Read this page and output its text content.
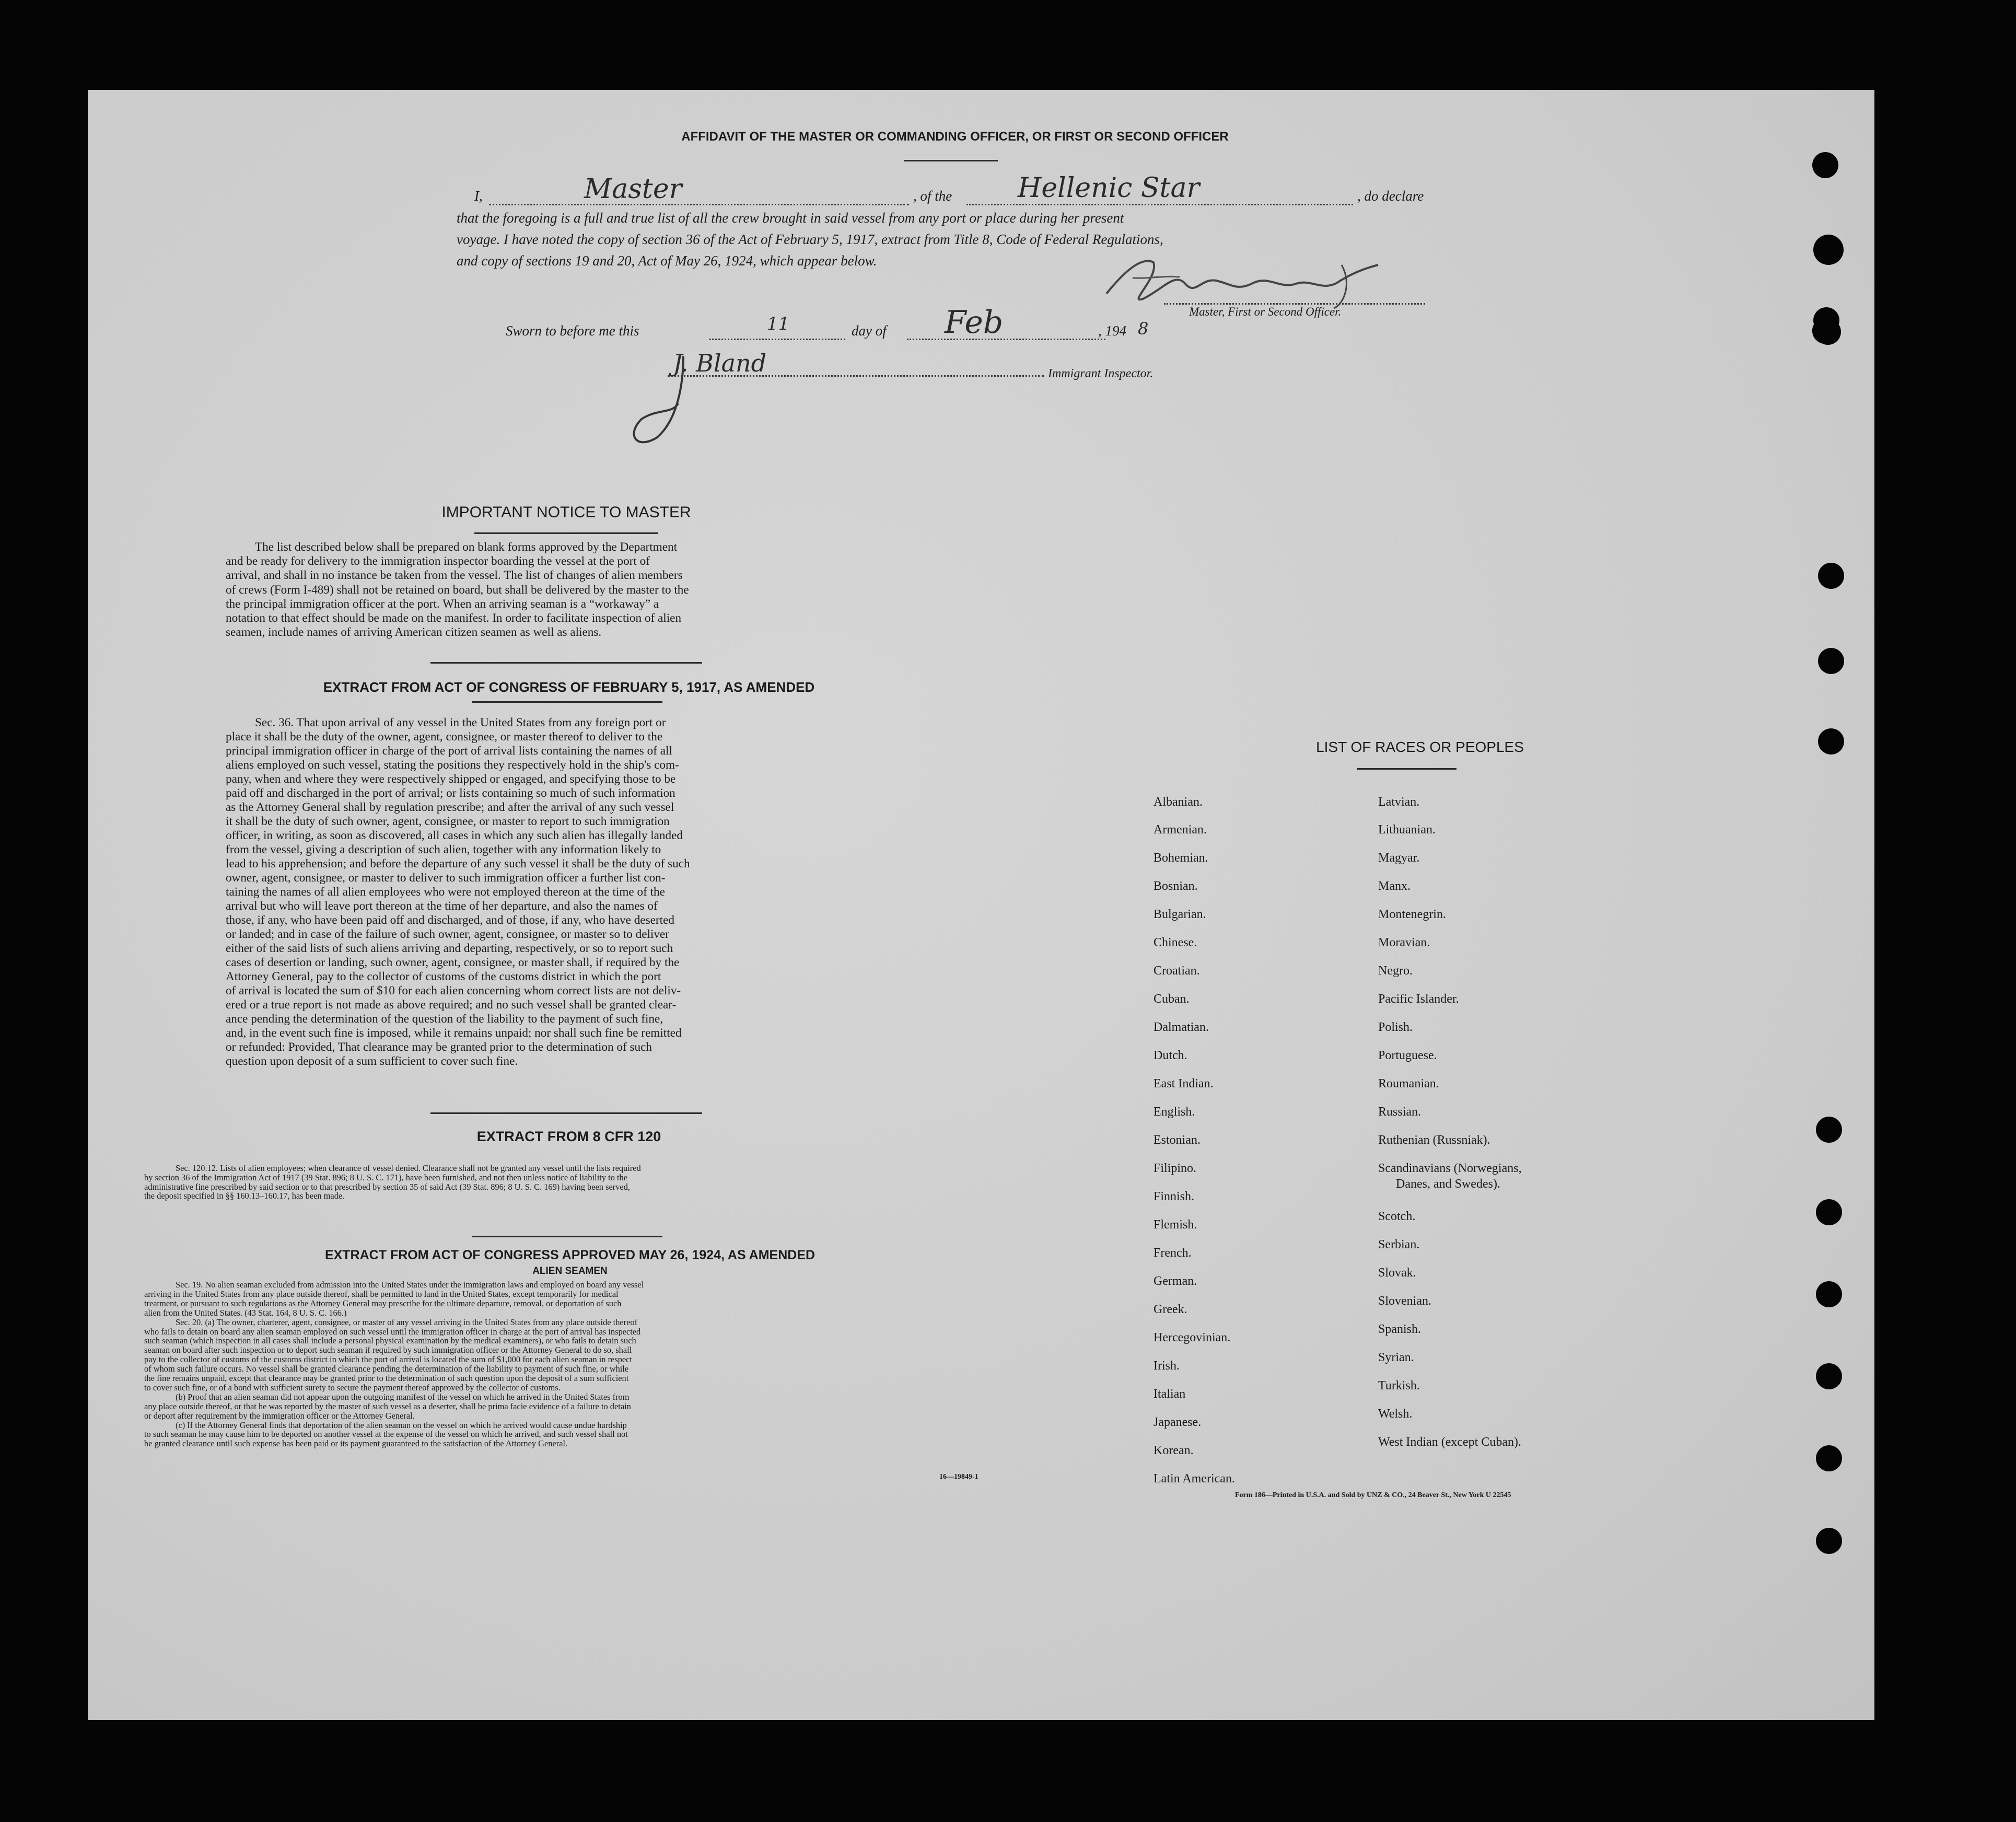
AFFIDAVIT OF THE MASTER OR COMMANDING OFFICER, OR FIRST OR SECOND OFFICER
I,	Master	, of the Hellenic Star	, do declare
that the foregoing is a full and true list of all the crew brought in said vessel from any port or place during her present
voyage. I have noted the copy of section 36 of the Act of February 5, 1917, extract from Title 8, Code of Federal Regulations,
and copy of sections 19 and 20, Act of May 26, 1924, which appear below.
Master, First or Second Officer.
Sworn to before me this	11	day of Feb	, 194 8
J. Bland	Immigrant Inspector.
IMPORTANT NOTICE TO MASTER
The list described below shall be prepared on blank forms approved by the Department
and be ready for delivery to the immigration inspector boarding the vessel at the port of
arrival, and shall in no instance be taken from the vessel. The list of changes of alien members
of crews (Form I-489) shall not be retained on board, but shall be delivered by the master to the
the principal immigration officer at the port. When an arriving seaman is a “workaway” a
notation to that effect should be made on the manifest. In order to facilitate inspection of alien
seamen, include names of arriving American citizen seamen as well as aliens.
EXTRACT FROM ACT OF CONGRESS OF FEBRUARY 5, 1917, AS AMENDED
Sec. 36. That upon arrival of any vessel in the United States from any foreign port or
place it shall be the duty of the owner, agent, consignee, or master thereof to deliver to the
principal immigration officer in charge of the port of arrival lists containing the names of all
aliens employed on such vessel, stating the positions they respectively hold in the ship's com-
pany, when and where they were respectively shipped or engaged, and specifying those to be
paid off and discharged in the port of arrival; or lists containing so much of such information
as the Attorney General shall by regulation prescribe; and after the arrival of any such vessel
it shall be the duty of such owner, agent, consignee, or master to report to such immigration
officer, in writing, as soon as discovered, all cases in which any such alien has illegally landed
from the vessel, giving a description of such alien, together with any information likely to
lead to his apprehension; and before the departure of any such vessel it shall be the duty of such
owner, agent, consignee, or master to deliver to such immigration officer a further list con-
taining the names of all alien employees who were not employed thereon at the time of the
arrival but who will leave port thereon at the time of her departure, and also the names of
those, if any, who have been paid off and discharged, and of those, if any, who have deserted
or landed; and in case of the failure of such owner, agent, consignee, or master so to deliver
either of the said lists of such aliens arriving and departing, respectively, or so to report such
cases of desertion or landing, such owner, agent, consignee, or master shall, if required by the
Attorney General, pay to the collector of customs of the customs district in which the port
of arrival is located the sum of $10 for each alien concerning whom correct lists are not deliv-
ered or a true report is not made as above required; and no such vessel shall be granted clear-
ance pending the determination of the question of the liability to the payment of such fine,
and, in the event such fine is imposed, while it remains unpaid; nor shall such fine be remitted
or refunded: Provided, That clearance may be granted prior to the determination of such
question upon deposit of a sum sufficient to cover such fine.
EXTRACT FROM 8 CFR 120
Sec. 120.12. Lists of alien employees; when clearance of vessel denied. Clearance shall not be granted any vessel until the lists required
by section 36 of the Immigration Act of 1917 (39 Stat. 896; 8 U. S. C. 171), have been furnished, and not then unless notice of liability to the
administrative fine prescribed by said section or to that prescribed by section 35 of said Act (39 Stat. 896; 8 U. S. C. 169) having been served,
the deposit specified in §§ 160.13–160.17, has been made.
EXTRACT FROM ACT OF CONGRESS APPROVED MAY 26, 1924, AS AMENDED
ALIEN SEAMEN
Sec. 19. No alien seaman excluded from admission into the United States under the immigration laws and employed on board any vessel
arriving in the United States from any place outside thereof, shall be permitted to land in the United States, except temporarily for medical
treatment, or pursuant to such regulations as the Attorney General may prescribe for the ultimate departure, removal, or deportation of such
alien from the United States. (43 Stat. 164, 8 U. S. C. 166.)
Sec. 20. (a) The owner, charterer, agent, consignee, or master of any vessel arriving in the United States from any place outside thereof
who fails to detain on board any alien seaman employed on such vessel until the immigration officer in charge at the port of arrival has inspected
such seaman (which inspection in all cases shall include a personal physical examination by the medical examiners), or who fails to detain such
seaman on board after such inspection or to deport such seaman if required by such immigration officer or the Attorney General to do so, shall
pay to the collector of customs of the customs district in which the port of arrival is located the sum of $1,000 for each alien seaman in respect
of whom such failure occurs. No vessel shall be granted clearance pending the determination of the liability to payment of such fine, or while
the fine remains unpaid, except that clearance may be granted prior to the determination of such question upon the deposit of a sum sufficient
to cover such fine, or of a bond with sufficient surety to secure the payment thereof approved by the collector of customs.
(b) Proof that an alien seaman did not appear upon the outgoing manifest of the vessel on which he arrived in the United States from
any place outside thereof, or that he was reported by the master of such vessel as a deserter, shall be prima facie evidence of a failure to detain
or deport after requirement by the immigration officer or the Attorney General.
(c) If the Attorney General finds that deportation of the alien seaman on the vessel on which he arrived would cause undue hardship
to such seaman he may cause him to be deported on another vessel at the expense of the vessel on which he arrived, and such vessel shall not
be granted clearance until such expense has been paid or its payment guaranteed to the satisfaction of the Attorney General.
16—19849-1
LIST OF RACES OR PEOPLES
Albanian.
Armenian.
Bohemian.
Bosnian.
Bulgarian.
Chinese.
Croatian.
Cuban.
Dalmatian.
Dutch.
East Indian.
English.
Estonian.
Filipino.
Finnish.
Flemish.
French.
German.
Greek.
Hercegovinian.
Irish.
Italian
Japanese.
Korean.
Latin American.
Latvian.
Lithuanian.
Magyar.
Manx.
Montenegrin.
Moravian.
Negro.
Pacific Islander.
Polish.
Portuguese.
Roumanian.
Russian.
Ruthenian (Russniak).
Scandinavians (Norwegians,
Danes, and Swedes).
Scotch.
Serbian.
Slovak.
Slovenian.
Spanish.
Syrian.
Turkish.
Welsh.
West Indian (except Cuban).
Form 186—Printed in U.S.A. and Sold by UNZ & CO., 24 Beaver St., New York U 22545
